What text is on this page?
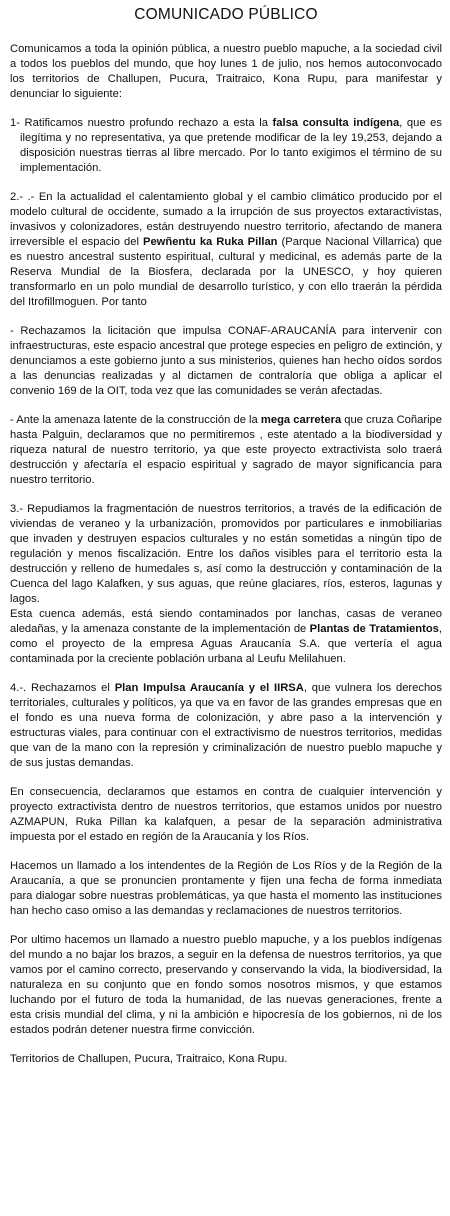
COMUNICADO PÚBLICO

Comunicamos a toda la opinión pública, a nuestro pueblo mapuche, a la sociedad civil a todos los pueblos del mundo, que hoy lunes 1 de julio, nos hemos autoconvocado los territorios de Challupen, Pucura, Traitraico, Kona Rupu, para manifestar y denunciar lo siguiente:

1- Ratificamos nuestro profundo rechazo a esta la falsa consulta indígena, que es ilegítima y no representativa, ya que pretende modificar de la ley 19,253, dejando a disposición nuestras tierras al libre mercado. Por lo tanto exigimos el término de su implementación.

2.- .- En la actualidad el calentamiento global y el cambio climático producido por el modelo cultural de occidente, sumado a la irrupción de sus proyectos extaractivistas, invasivos y colonizadores, están destruyendo nuestro territorio, afectando de manera irreversible el espacio del Pewñentu ka Ruka Pillan (Parque Nacional Villarrica) que es nuestro ancestral sustento espiritual, cultural y medicinal, es además parte de la Reserva Mundial de la Biosfera, declarada por la UNESCO, y hoy quieren transformarlo en un polo mundial de desarrollo turístico, y con ello traerán la pérdida del Itrofillmoguen. Por tanto

- Rechazamos la licitación que impulsa CONAF-ARAUCANÍA para intervenir con infraestructuras, este espacio ancestral que protege especies en peligro de extinción, y denunciamos a este gobierno junto a sus ministerios, quienes han hecho oídos sordos a las denuncias realizadas y al dictamen de contraloría que obliga a aplicar el convenio 169 de la OIT, toda vez que las comunidades se verán afectadas.

- Ante la amenaza latente de la construcción de la mega carretera que cruza Coñaripe hasta Palguin, declaramos que no permitiremos , este atentado a la biodiversidad y riqueza natural de nuestro territorio, ya que este proyecto extractivista solo traerá destrucción y afectaría el espacio espiritual y sagrado de mayor significancia para nuestro territorio.

3.- Repudiamos la fragmentación de nuestros territorios, a través de la edificación de viviendas de veraneo y la urbanización, promovidos por particulares e inmobiliarias que invaden y destruyen espacios culturales y no están sometidas a ningún tipo de regulación y menos fiscalización. Entre los daños visibles para el territorio esta la destrucción y relleno de humedales s, así como la destrucción y contaminación de la Cuenca del lago Kalafken, y sus aguas, que reúne glaciares, ríos, esteros, lagunas y lagos.

Esta cuenca además, está siendo contaminados por lanchas, casas de veraneo aledañas, y la amenaza constante de la implementación de Plantas de Tratamientos, como el proyecto de la empresa Aguas Araucanía S.A. que vertería el agua contaminada por la creciente población urbana al Leufu Melilahuen.

4.-. Rechazamos el Plan Impulsa Araucanía y el IIRSA, que vulnera los derechos territoriales, culturales y políticos, ya que va en favor de las grandes empresas que en el fondo es una nueva forma de colonización, y abre paso a la intervención y estructuras viales, para continuar con el extractivismo de nuestros territorios, medidas que van de la mano con la represión y criminalización de nuestro pueblo mapuche y de sus justas demandas.

En consecuencia, declaramos que estamos en contra de cualquier intervención y proyecto extractivista dentro de nuestros territorios, que estamos unidos por nuestro AZMAPUN, Ruka Pillan ka kalafquen, a pesar de la separación administrativa impuesta por el estado en región de la Araucanía y los Ríos.

Hacemos un llamado a los intendentes de la Región de Los Ríos y de la Región de la Araucanía, a que se pronuncien prontamente y fijen una fecha de forma inmediata para dialogar sobre nuestras problemáticas, ya que hasta el momento las instituciones han hecho caso omiso a las demandas y reclamaciones de nuestros territorios.

Por ultimo hacemos un llamado a nuestro pueblo mapuche, y a los pueblos indígenas del mundo a no bajar los brazos, a seguir en la defensa de nuestros territorios, ya que vamos por el camino correcto, preservando y conservando la vida, la biodiversidad, la naturaleza en su conjunto que en fondo somos nosotros mismos, y que estamos luchando por el futuro de toda la humanidad, de las nuevas generaciones, frente a esta crisis mundial del clima, y ni la ambición e hipocresía de los gobiernos, ni de los estados podrán detener nuestra firme convicción.

Territorios de Challupen, Pucura, Traitraico, Kona Rupu.
